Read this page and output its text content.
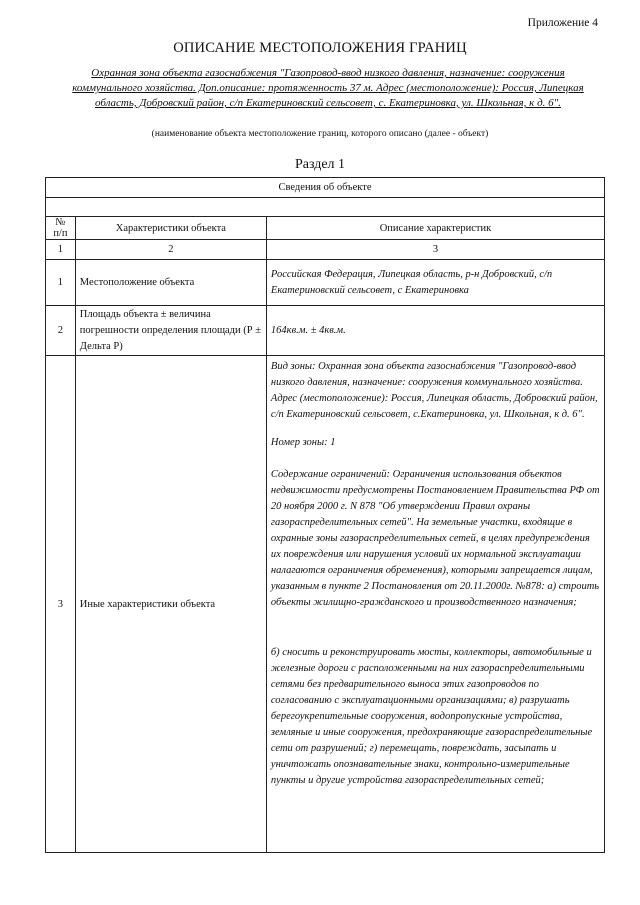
Приложение 4
ОПИСАНИЕ МЕСТОПОЛОЖЕНИЯ ГРАНИЦ
Охранная зона объекта газоснабжения "Газопровод-ввод низкого давления, назначение: сооружения коммунального хозяйства. Доп.описание: протяженность 37 м. Адрес (местоположение): Россия, Липецкая область, Добровский район, с/п Екатериновский сельсовет, с. Екатериновка, ул. Школьная, к д. 6".
(наименование объекта местоположение границ, которого описано (далее - объект)
Раздел 1
Сведения об объекте		

№ п/п	Характеристики объекта	Описание характеристик
1	2	3
1	Местоположение объекта	Российская Федерация, Липецкая область, р-н Добровский, с/п Екатериновский сельсовет, с Екатериновка
2	Площадь объекта ± величина погрешности определения площади (Р ± Дельта Р)	164кв.м. ± 4кв.м.
3	Иные характеристики объекта	Вид зоны: Охранная зона объекта газоснабжения "Газопровод-ввод низкого давления, назначение: сооружения коммунального хозяйства. Адрес (местоположение): Россия, Липецкая область, Добровский район, с/п Екатериновский сельсовет, с.Екатериновка, ул. Школьная, к д. 6".

Номер зоны: 1

Содержание ограничений: Ограничения использования объектов недвижимости предусмотрены Постановлением Правительства РФ от 20 ноября 2000 г. N 878 "Об утверждении Правил охраны газораспределительных сетей". На земельные участки, входящие в охранные зоны газораспределительных сетей, в целях предупреждения их повреждения или нарушения условий их нормальной эксплуатации налагаются ограничения обременения), которыми запрещается лицам, указанным в пункте 2 Постановления от 20.11.2000г. №878: а) строить объекты жилищно-гражданского и производственного назначения;

б) сносить и реконструировать мосты, коллекторы, автомобильные и железные дороги с расположенными на них газораспределительными сетями без предварительного выноса этих газопроводов по согласованию с эксплуатационными организациями; в) разрушать берегоукрепительные сооружения, водопропускные устройства, земляные и иные сооружения, предохраняющие газораспределительные сети от разрушений; г) перемещать, повреждать, засыпать и уничтожать опознавательные знаки, контрольно-измерительные пункты и другие устройства газораспределительных сетей;
